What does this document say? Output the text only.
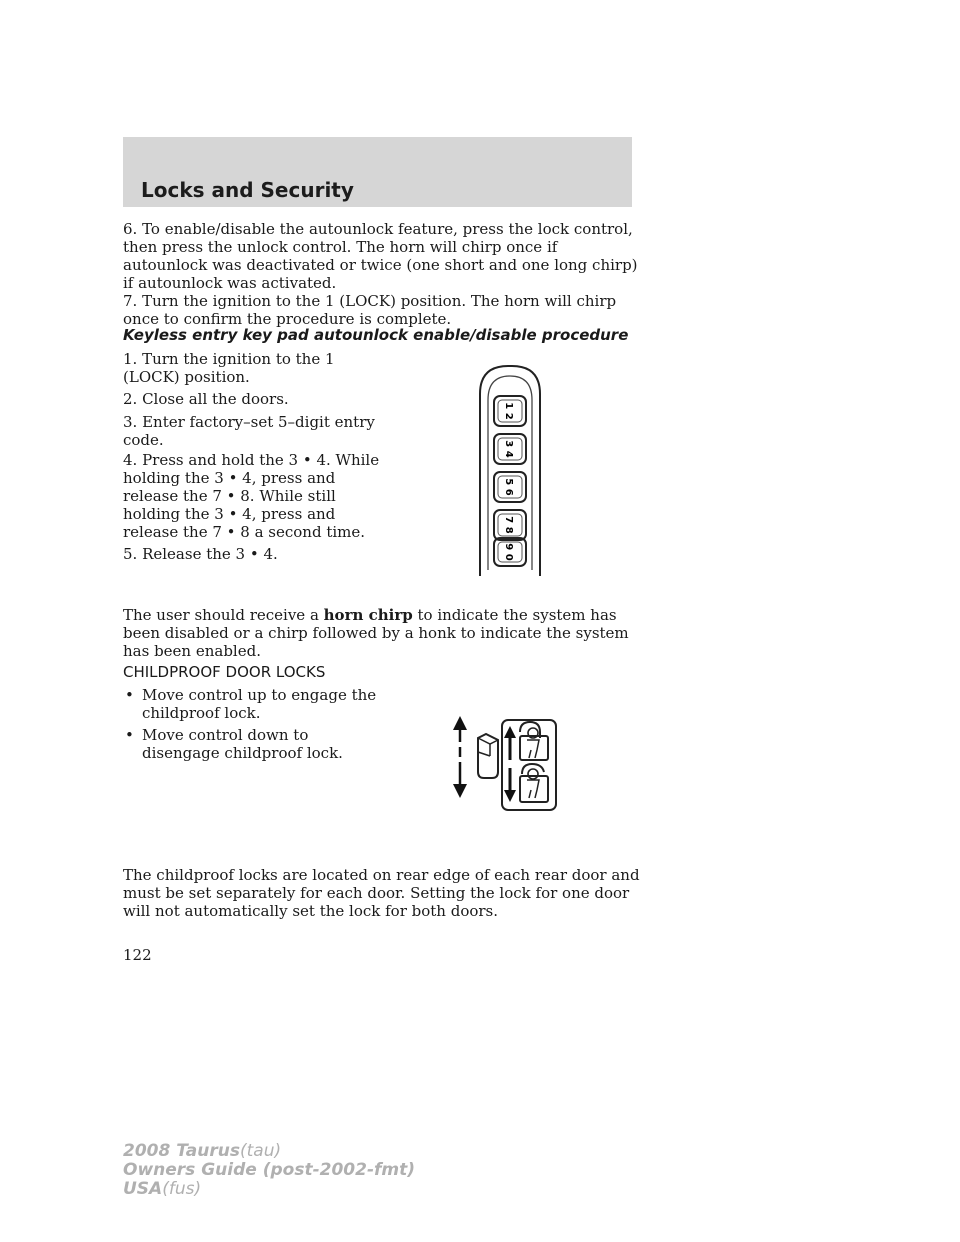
Locks and Security

6. To enable/disable the autounlock feature, press the lock control, then press the unlock control. The horn will chirp once if autounlock was deactivated or twice (one short and one long chirp) if autounlock was activated.

7. Turn the ignition to the 1 (LOCK) position. The horn will chirp once to confirm the procedure is complete.

Keyless entry key pad autounlock enable/disable procedure

1. Turn the ignition to the 1 (LOCK) position.

2. Close all the doors.

3. Enter factory–set 5–digit entry code.

4. Press and hold the 3 • 4. While holding the 3 • 4, press and release the 7 • 8. While still holding the 3 • 4, press and release the 7 • 8 a second time.

5. Release the 3 • 4.

1 2
3 4
5 6
7 8
9 0

The user should receive a horn chirp to indicate the system has been disabled or a chirp followed by a honk to indicate the system has been enabled.

CHILDPROOF DOOR LOCKS
• Move control up to engage the childproof lock.
• Move control down to disengage childproof lock.

The childproof locks are located on rear edge of each rear door and must be set separately for each door. Setting the lock for one door will not automatically set the lock for both doors.

122
2008 Taurus(tau)
Owners Guide (post-2002-fmt)
USA(fus)
